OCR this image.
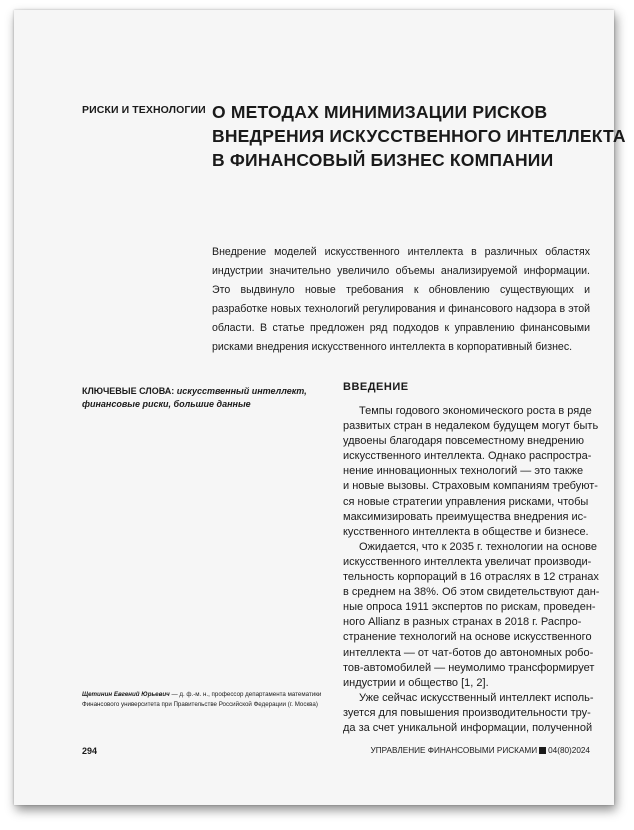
РИСКИ И ТЕХНОЛОГИИ О МЕТОДАХ МИНИМИЗАЦИИ РИСКОВ
ВНЕДРЕНИЯ ИСКУССТВЕННОГО ИНТЕЛЛЕКТА
В ФИНАНСОВЫЙ БИЗНЕС КОМПАНИИ

Внедрение моделей искусственного интеллекта в различных областях индустрии значительно увеличило объемы анализируемой информации. Это выдвинуло новые требования к обновлению существующих и разработке новых технологий регулирования и финансового надзора в этой области. В статье предложен ряд подходов к управлению финансовыми рисками внедрения искусственного интеллекта в корпоративный бизнес.

КЛЮЧЕВЫЕ СЛОВА: искусственный интеллект, финансовые риски, большие данные
Щетинин Евгений Юрьевич — д. ф.-м. н., профессор департамента математики Финансового университета при Правительстве Российской Федерации (г. Москва)
ВВЕДЕНИЕ
Темпы годового экономического роста в ряде
развитых стран в недалеком будущем могут быть
удвоены благодаря повсеместному внедрению
искусственного интеллекта. Однако распростра-
нение инновационных технологий — это также
и новые вызовы. Страховым компаниям требуют-
ся новые стратегии управления рисками, чтобы
максимизировать преимущества внедрения ис-
кусственного интеллекта в обществе и бизнесе.
Ожидается, что к 2035 г. технологии на основе
искусственного интеллекта увеличат производи-
тельность корпораций в 16 отраслях в 12 странах
в среднем на 38%. Об этом свидетельствуют дан-
ные опроса 1911 экспертов по рискам, проведен-
ного Allianz в разных странах в 2018 г. Распро-
странение технологий на основе искусственного
интеллекта — от чат-ботов до автономных робо-
тов-автомобилей — неумолимо трансформирует
индустрии и общество [1, 2].
Уже сейчас искусственный интеллект исполь-
зуется для повышения производительности тру-
да за счет уникальной информации, полученной
294	УПРАВЛЕНИЕ ФИНАНСОВЫМИ РИСКАМИ 04(80)2024
